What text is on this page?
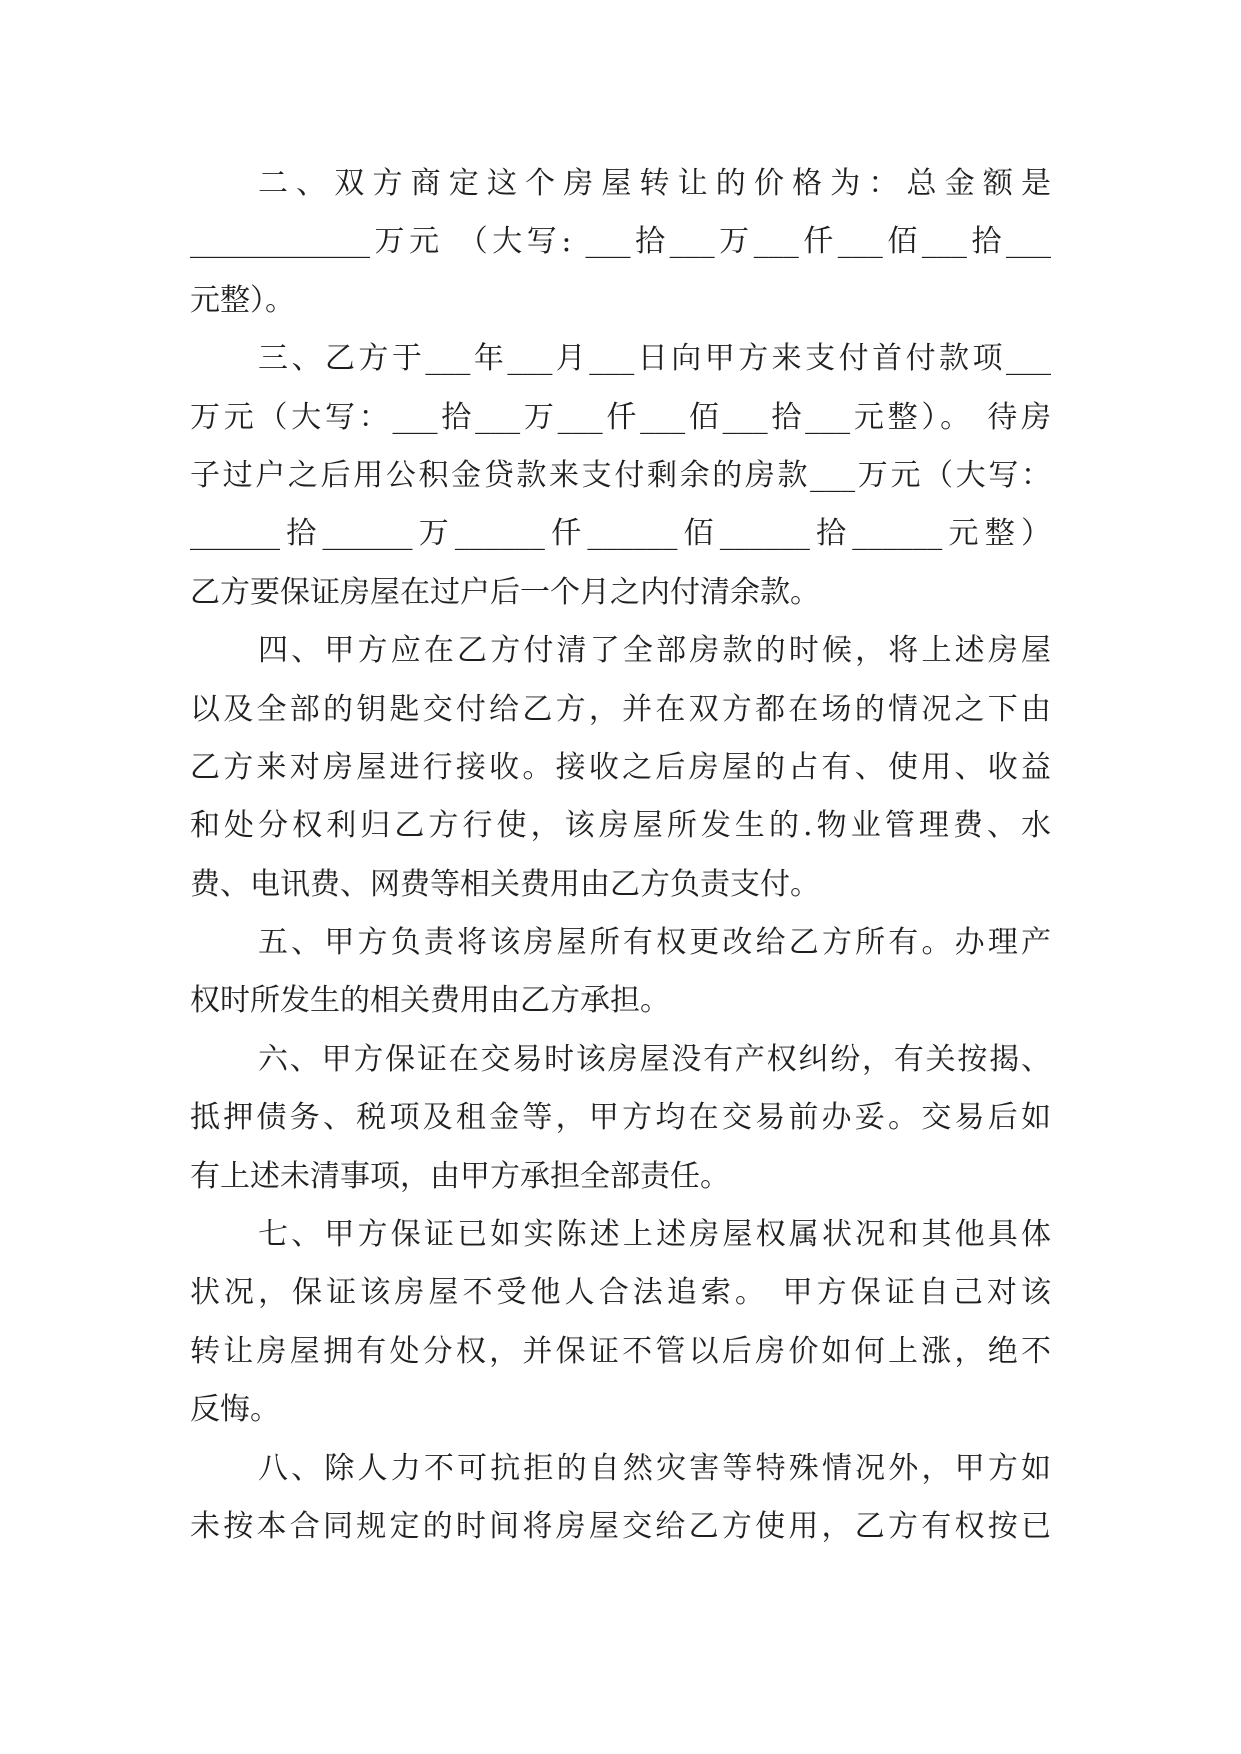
二、双方商定这个房屋转让的价格为：总金额是
____________万元 （大写: ___拾___万___仟___佰___拾___
元整）。
三、乙方于___年___月___日向甲方来支付首付款项___
万元（大写：___拾___万___仟___佰___拾___元整）。 待房
子过户之后用公积金贷款来支付剩余的房款___万元（大写：
______拾______万______仟______佰______拾______元整）
乙方要保证房屋在过户后一个月之内付清余款。
四、甲方应在乙方付清了全部房款的时候，将上述房屋
以及全部的钥匙交付给乙方，并在双方都在场的情况之下由
乙方来对房屋进行接收。接收之后房屋的占有、使用、收益
和处分权利归乙方行使，该房屋所发生的.物业管理费、水
费、电讯费、网费等相关费用由乙方负责支付。
五、甲方负责将该房屋所有权更改给乙方所有。办理产
权时所发生的相关费用由乙方承担。
六、甲方保证在交易时该房屋没有产权纠纷，有关按揭、
抵押债务、税项及租金等，甲方均在交易前办妥。交易后如
有上述未清事项，由甲方承担全部责任。
七、甲方保证已如实陈述上述房屋权属状况和其他具体
状况，保证该房屋不受他人合法追索。 甲方保证自己对该
转让房屋拥有处分权，并保证不管以后房价如何上涨，绝不
反悔。
八、除人力不可抗拒的自然灾害等特殊情况外，甲方如
未按本合同规定的时间将房屋交给乙方使用，乙方有权按已
